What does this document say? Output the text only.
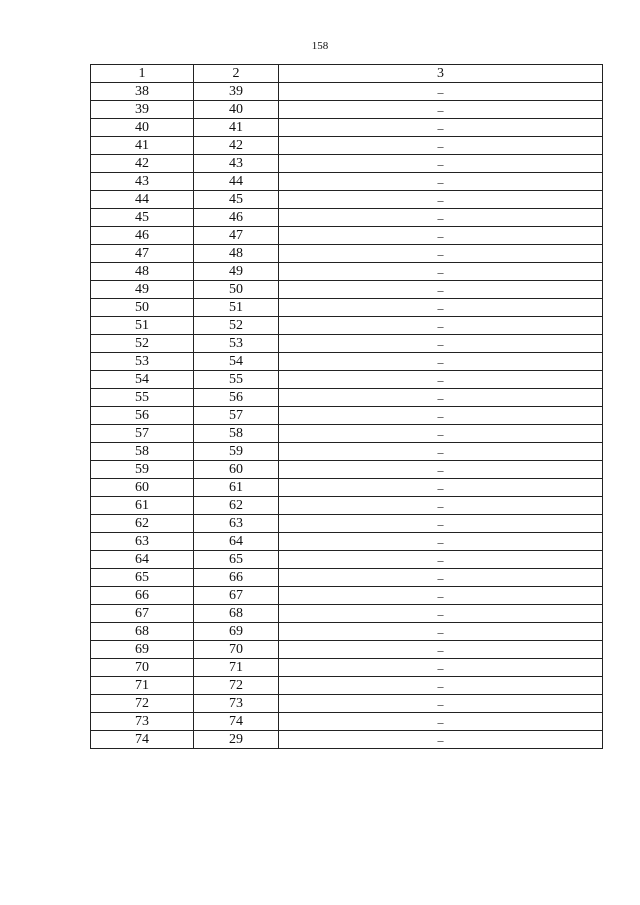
158
1	2	3
38	39	–
39	40	–
40	41	–
41	42	–
42	43	–
43	44	–
44	45	–
45	46	–
46	47	–
47	48	–
48	49	–
49	50	–
50	51	–
51	52	–
52	53	–
53	54	–
54	55	–
55	56	–
56	57	–
57	58	–
58	59	–
59	60	–
60	61	–
61	62	–
62	63	–
63	64	–
64	65	–
65	66	–
66	67	–
67	68	–
68	69	–
69	70	–
70	71	–
71	72	–
72	73	–
73	74	–
74	29	–
